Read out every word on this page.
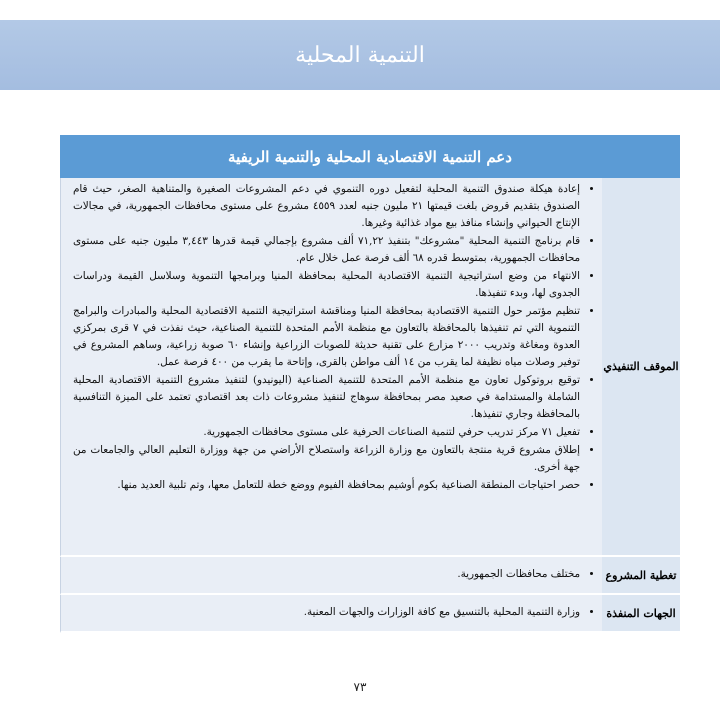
التنمية المحلية
دعم التنمية الاقتصادية المحلية والتنمية الريفية
الموقف التنفيذي
• إعادة هيكلة صندوق التنمية المحلية لتفعيل دوره التنموي في دعم المشروعات الصغيرة والمتناهية الصغر، حيث قام الصندوق بتقديم قروض بلغت قيمتها ٢١ مليون جنيه لعدد ٤٥٥٩ مشروع على مستوى محافظات الجمهورية، في مجالات الإنتاج الحيواني وإنشاء منافذ بيع مواد غذائية وغيرها.
• قام برنامج التنمية المحلية "مشروعك" بتنفيذ ٧١,٢٢ ألف مشروع بإجمالي قيمة قدرها ٣,٤٤٣ مليون جنيه على مستوى محافظات الجمهورية، بمتوسط قدره ٦٨ ألف فرصة عمل خلال عام.
• الانتهاء من وضع استراتيجية التنمية الاقتصادية المحلية بمحافظة المنيا وبرامجها التنموية وسلاسل القيمة ودراسات الجدوى لها، وبدء تنفيذها.
• تنظيم مؤتمر حول التنمية الاقتصادية بمحافظة المنيا ومناقشة استراتيجية التنمية الاقتصادية المحلية والمبادرات والبرامج التنموية التي تم تنفيذها بالمحافظة بالتعاون مع منظمة الأمم المتحدة للتنمية الصناعية، حيث نفذت في ٧ قرى بمركزي العدوة ومغاغة وتدريب ٢٠٠٠ مزارع على تقنية حديثة للصوبات الزراعية وإنشاء ٦٠ صوبة زراعية، وساهم المشروع في توفير وصلات مياه نظيفة لما يقرب من ١٤ ألف مواطن بالقرى، وإتاحة ما يقرب من ٤٠٠ فرصة عمل.
• توقيع بروتوكول تعاون مع منظمة الأمم المتحدة للتنمية الصناعية (اليونيدو) لتنفيذ مشروع التنمية الاقتصادية المحلية الشاملة والمستدامة في صعيد مصر بمحافظة سوهاج لتنفيذ مشروعات ذات بعد اقتصادي تعتمد على الميزة التنافسية بالمحافظة وجاري تنفيذها.
• تفعيل ٧١ مركز تدريب حرفي لتنمية الصناعات الحرفية على مستوى محافظات الجمهورية.
• إطلاق مشروع قرية منتجة بالتعاون مع وزارة الزراعة واستصلاح الأراضي من جهة ووزارة التعليم العالي والجامعات من جهة أخرى.
• حصر احتياجات المنطقة الصناعية بكوم أوشيم بمحافظة الفيوم ووضع خطة للتعامل معها، وتم تلبية العديد منها.
تغطية المشروع
• مختلف محافظات الجمهورية.
الجهات المنفذة
• وزارة التنمية المحلية بالتنسيق مع كافة الوزارات والجهات المعنية.
٧٣
